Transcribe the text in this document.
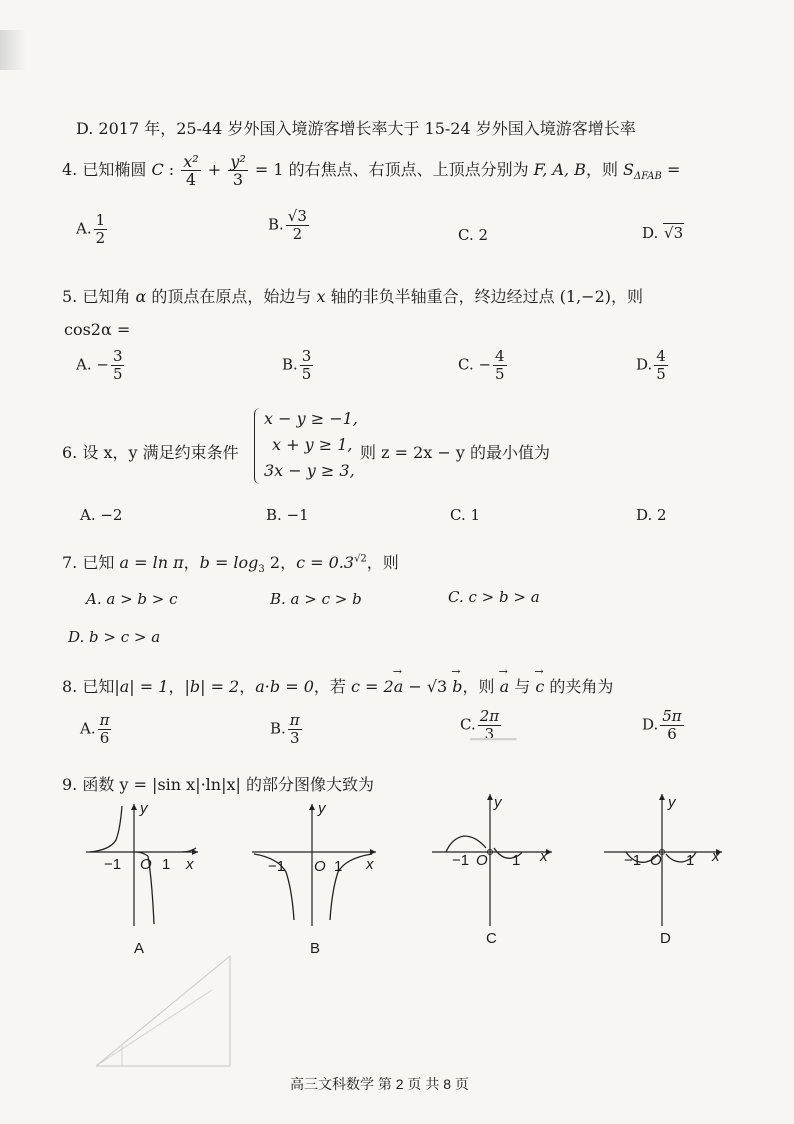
D. 2017 年，25-44 岁外国入境游客增长率大于 15-24 岁外国入境游客增长率
4. 已知椭圆 C : $\frac{\text{x²}}{4} + \frac{\text{y²}}{3} = 1$ 的右焦点、右顶点、上顶点分别为 F, A, B，则 $S_{\Delta FAB}$ =
A. $\frac{1}{2}$	B. $\frac{√3}{2}$	C. 2	D. √3
5. 已知角 α 的顶点在原点，始边与 x 轴的非负半轴重合，终边经过点 (1,−2)，则
cos2α =
A. − $\frac{3}{5}$	B. $\frac{3}{5}$	C. − $\frac{4}{5}$	D. $\frac{4}{5}$
6. 设 x，y 满足约束条件
x − y ≥ −1,
x + y ≥ 1,
3x − y ≥ 3,
则 z = 2x − y 的最小值为
A. −2	B. −1	C. 1	D. 2
7. 已知 a = ln π，$b = \log_3 2$，$c = 0.3^{√2}$，则
A. a > b > c	B. a > c > b	C. c > b > a
D. b > c > a
8. 已知|a| = 1，|b| = 2，a·b = 0，若 c = 2→ a − √3 → b，则 → a 与 → c 的夹角为
A. $\frac{\pi}{6}$	B. $\frac{\pi}{3}$	C. $\frac{2\pi}{3}$	D. $\frac{5\pi}{6}$
9. 函数 y = |sin x|·ln|x| 的部分图像大致为
▔▔▔▔
y
x
−1 O 1
A
y
x
−1 O 1
B
y
x
−1 O 1
C
y
x
−1 O 1
D
高三文科数学 第 2 页 共 8 页
